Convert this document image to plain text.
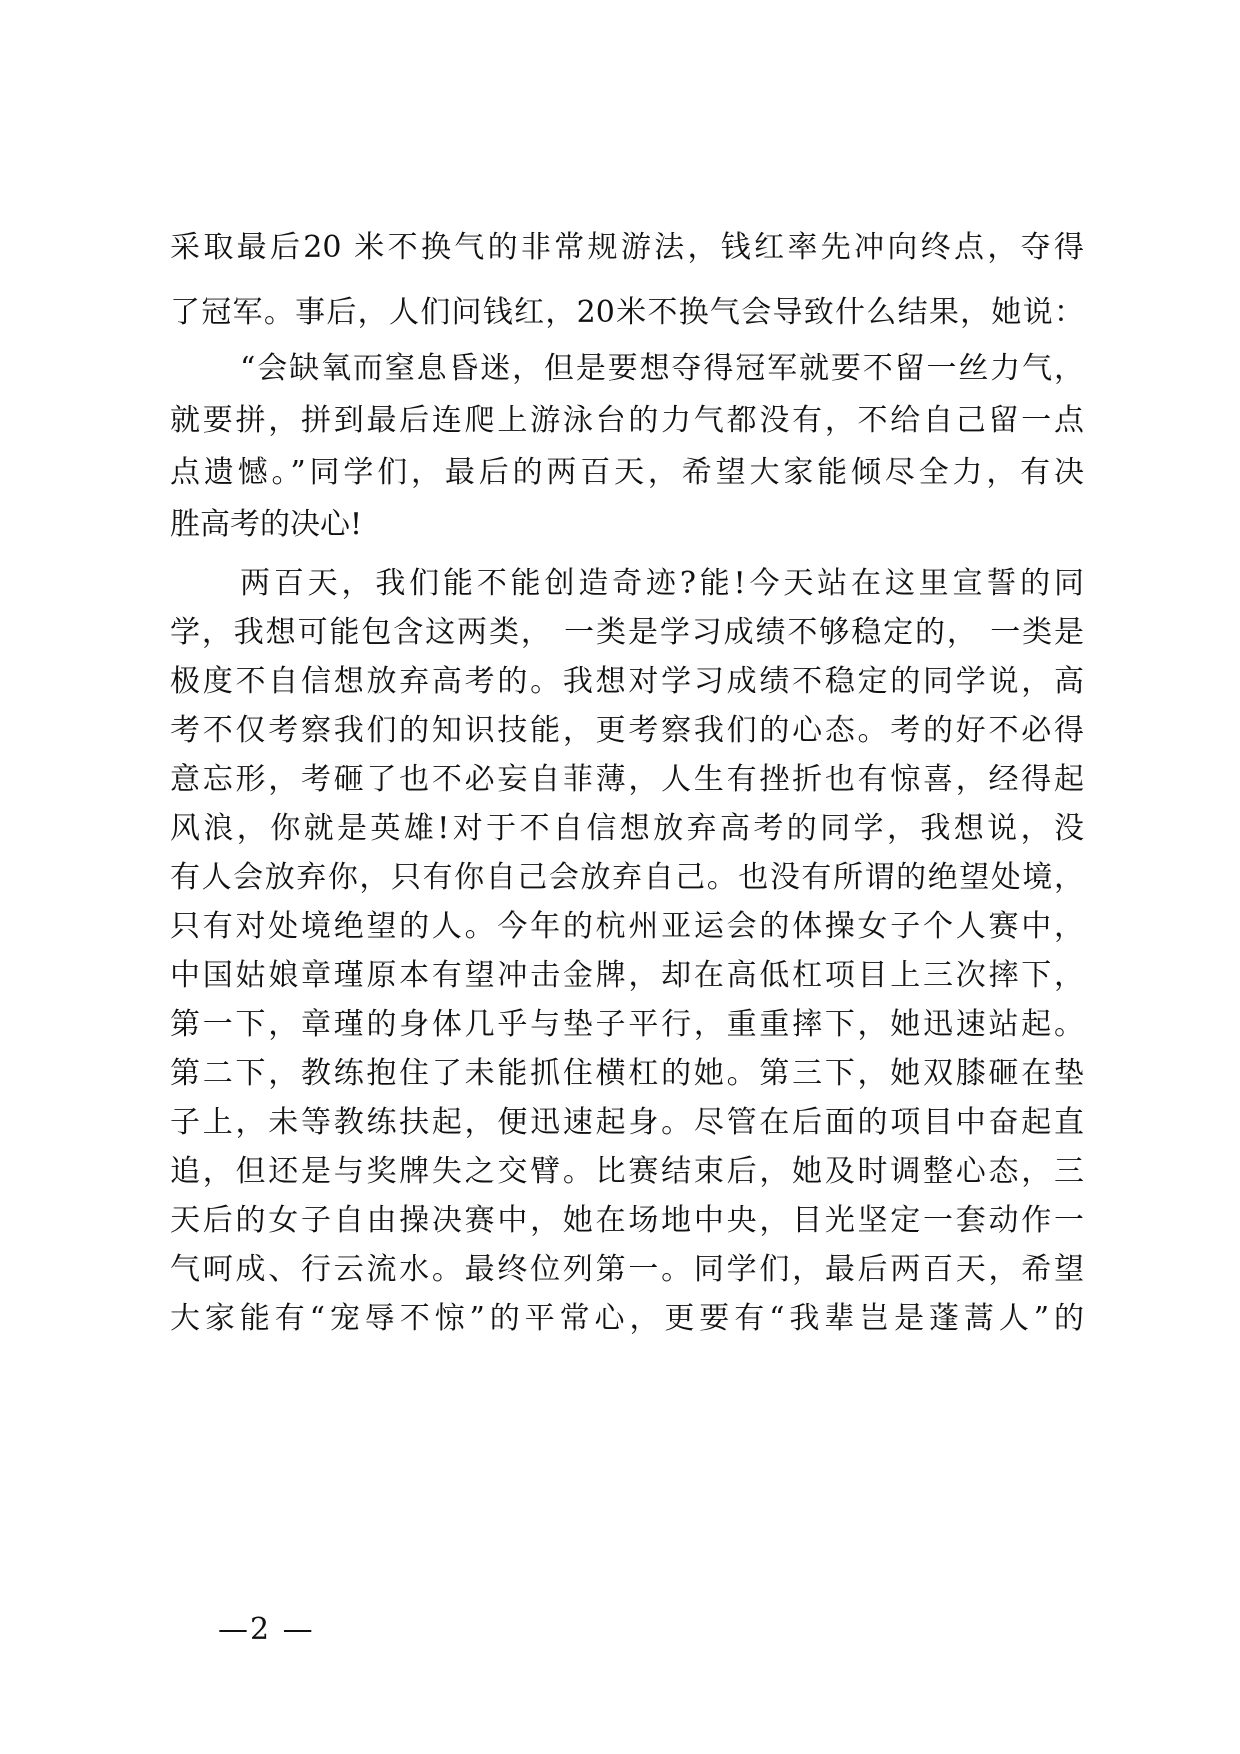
采取最后20 米不换气的非常规游法，钱红率先冲向终点，夺得
了冠军。事后，人们问钱红，20米不换气会导致什么结果，她说：
“会缺氧而窒息昏迷，但是要想夺得冠军就要不留一丝力气，
就要拼，拼到最后连爬上游泳台的力气都没有，不给自己留一点
点遗憾。”同学们，最后的两百天，希望大家能倾尽全力，有决
胜高考的决心!
两百天，我们能不能创造奇迹?能!今天站在这里宣誓的同
学，我想可能包含这两类， 一类是学习成绩不够稳定的， 一类是
极度不自信想放弃高考的。我想对学习成绩不稳定的同学说，高
考不仅考察我们的知识技能，更考察我们的心态。考的好不必得
意忘形，考砸了也不必妄自菲薄，人生有挫折也有惊喜，经得起
风浪，你就是英雄!对于不自信想放弃高考的同学，我想说，没
有人会放弃你，只有你自己会放弃自己。也没有所谓的绝望处境，
只有对处境绝望的人。今年的杭州亚运会的体操女子个人赛中，
中国姑娘章瑾原本有望冲击金牌，却在高低杠项目上三次摔下，
第一下，章瑾的身体几乎与垫子平行，重重摔下，她迅速站起。
第二下，教练抱住了未能抓住横杠的她。第三下，她双膝砸在垫
子上，未等教练扶起，便迅速起身。尽管在后面的项目中奋起直
追，但还是与奖牌失之交臂。比赛结束后，她及时调整心态，三
天后的女子自由操决赛中，她在场地中央，目光坚定一套动作一
气呵成、行云流水。最终位列第一。同学们，最后两百天，希望
大家能有“宠辱不惊”的平常心，更要有“我辈岂是蓬蒿人”的
—2 —
